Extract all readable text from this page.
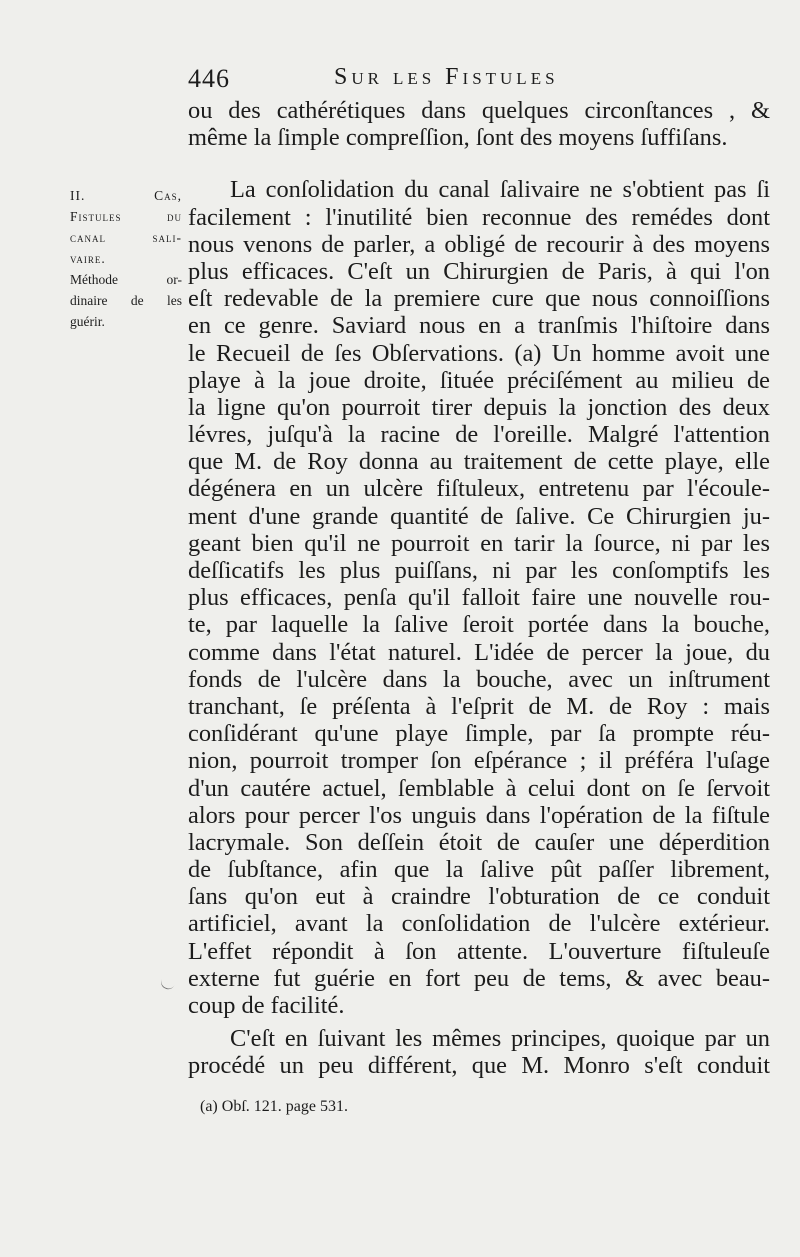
446	Sur les Fistules
II. Cas,
Fistules du
canal sali-
vaire.
Méthode or-
dinaire de les
guérir.
ou des cathérétiques dans quelques circonſtances , &
même la ſimple compreſſion, ſont des moyens ſuffiſans.
La conſolidation du canal ſalivaire ne s'obtient pas ſi
facilement : l'inutilité bien reconnue des remédes dont
nous venons de parler, a obligé de recourir à des moyens
plus efficaces. C'eſt un Chirurgien de Paris, à qui l'on
eſt redevable de la premiere cure que nous connoiſſions
en ce genre. Saviard nous en a tranſmis l'hiſtoire dans
le Recueil de ſes Obſervations. (a) Un homme avoit une
playe à la joue droite, ſituée préciſément au milieu de
la ligne qu'on pourroit tirer depuis la jonction des deux
lévres, juſqu'à la racine de l'oreille. Malgré l'attention
que M. de Roy donna au traitement de cette playe, elle
dégénera en un ulcère fiſtuleux, entretenu par l'écoule-
ment d'une grande quantité de ſalive. Ce Chirurgien ju-
geant bien qu'il ne pourroit en tarir la ſource, ni par les
deſſicatifs les plus puiſſans, ni par les conſomptifs les
plus efficaces, penſa qu'il falloit faire une nouvelle rou-
te, par laquelle la ſalive ſeroit portée dans la bouche,
comme dans l'état naturel. L'idée de percer la joue, du
fonds de l'ulcère dans la bouche, avec un inſtrument
tranchant, ſe préſenta à l'eſprit de M. de Roy : mais
conſidérant qu'une playe ſimple, par ſa prompte réu-
nion, pourroit tromper ſon eſpérance ; il préféra l'uſage
d'un cautére actuel, ſemblable à celui dont on ſe ſervoit
alors pour percer l'os unguis dans l'opération de la fiſtule
lacrymale. Son deſſein étoit de cauſer une déperdition
de ſubſtance, afin que la ſalive pût paſſer librement,
ſans qu'on eut à craindre l'obturation de ce conduit
artificiel, avant la conſolidation de l'ulcère extérieur.
L'effet répondit à ſon attente. L'ouverture fiſtuleuſe
externe fut guérie en fort peu de tems, & avec beau-
coup de facilité.
C'eſt en ſuivant les mêmes principes, quoique par un
procédé un peu différent, que M. Monro s'eſt conduit
(a) Obſ. 121. page 531.
